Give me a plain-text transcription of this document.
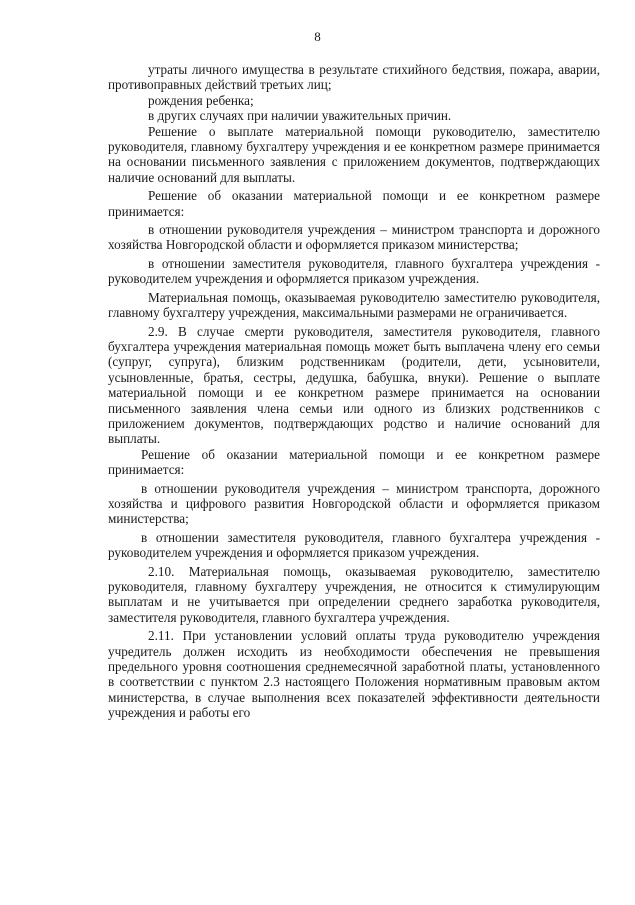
8

утраты личного имущества в результате стихийного бедствия, пожара, аварии, противоправных действий третьих лиц;

рождения ребенка;

в других случаях при наличии уважительных причин.

Решение о выплате материальной помощи руководителю, заместителю руководителя, главному бухгалтеру учреждения и ее конкретном размере принимается на основании письменного заявления с приложением документов, подтверждающих наличие оснований для выплаты.

Решение об оказании материальной помощи и ее конкретном размере принимается:

в отношении руководителя учреждения – министром транспорта и дорожного хозяйства Новгородской области и оформляется приказом министерства;

в отношении заместителя руководителя, главного бухгалтера учреждения - руководителем учреждения и оформляется приказом учреждения.

Материальная помощь, оказываемая руководителю заместителю руководителя, главному бухгалтеру учреждения, максимальными размерами не ограничивается.

2.9. В случае смерти руководителя, заместителя руководителя, главного бухгалтера учреждения материальная помощь может быть выплачена члену его семьи (супруг, супруга), близким родственникам (родители, дети, усыновители, усыновленные, братья, сестры, дедушка, бабушка, внуки). Решение о выплате материальной помощи и ее конкретном размере принимается на основании письменного заявления члена семьи или одного из близких родственников с приложением документов, подтверждающих родство и наличие оснований для выплаты.

Решение об оказании материальной помощи и ее конкретном размере принимается:

в отношении руководителя учреждения – министром транспорта, дорожного хозяйства и цифрового развития Новгородской области и оформляется приказом министерства;

в отношении заместителя руководителя, главного бухгалтера учреждения - руководителем учреждения и оформляется приказом учреждения.

2.10. Материальная помощь, оказываемая руководителю, заместителю руководителя, главному бухгалтеру учреждения, не относится к стимулирующим выплатам и не учитывается при определении среднего заработка руководителя, заместителя руководителя, главного бухгалтера учреждения.

2.11. При установлении условий оплаты труда руководителю учреждения учредитель должен исходить из необходимости обеспечения не превышения предельного уровня соотношения среднемесячной заработной платы, установленного в соответствии с пунктом 2.3 настоящего Положения нормативным правовым актом министерства, в случае выполнения всех показателей эффективности деятельности учреждения и работы его
